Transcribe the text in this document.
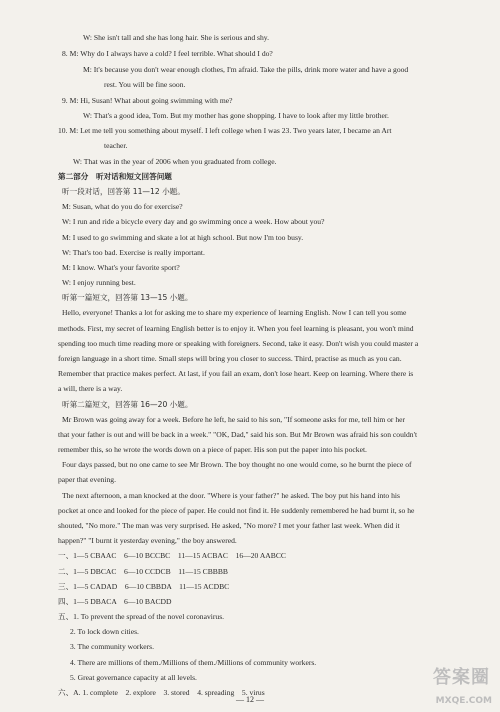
W: She isn't tall and she has long hair. She is serious and shy.
8. M: Why do I always have a cold? I feel terrible. What should I do?
M: It's because you don't wear enough clothes, I'm afraid. Take the pills, drink more water and have a good
rest. You will be fine soon.
9. M: Hi, Susan! What about going swimming with me?
W: That's a good idea, Tom. But my mother has gone shopping. I have to look after my little brother.
10. M: Let me tell you something about myself. I left college when I was 23. Two years later, I became an Art
teacher.
W: That was in the year of 2006 when you graduated from college.
第二部分　听对话和短文回答问题
听一段对话，回答第 11—12 小题。
M: Susan, what do you do for exercise?
W: I run and ride a bicycle every day and go swimming once a week. How about you?
M: I used to go swimming and skate a lot at high school. But now I'm too busy.
W: That's too bad. Exercise is really important.
M: I know. What's your favorite sport?
W: I enjoy running best.
听第一篇短文，回答第 13—15 小题。
Hello, everyone! Thanks a lot for asking me to share my experience of learning English. Now I can tell you some
methods. First, my secret of learning English better is to enjoy it. When you feel learning is pleasant, you won't mind
spending too much time reading more or speaking with foreigners. Second, take it easy. Don't wish you could master a
foreign language in a short time. Small steps will bring you closer to success. Third, practise as much as you can.
Remember that practice makes perfect. At last, if you fail an exam, don't lose heart. Keep on learning. Where there is
a will, there is a way.
听第二篇短文，回答第 16—20 小题。
Mr Brown was going away for a week. Before he left, he said to his son, "If someone asks for me, tell him or her
that your father is out and will be back in a week." "OK, Dad," said his son. But Mr Brown was afraid his son couldn't
remember this, so he wrote the words down on a piece of paper. His son put the paper into his pocket.
Four days passed, but no one came to see Mr Brown. The boy thought no one would come, so he burnt the piece of
paper that evening.
The next afternoon, a man knocked at the door. "Where is your father?" he asked. The boy put his hand into his
pocket at once and looked for the piece of paper. He could not find it. He suddenly remembered he had burnt it, so he
shouted, "No more." The man was very surprised. He asked, "No more? I met your father last week. When did it
happen?" "I burnt it yesterday evening," the boy answered.
一、1—5 CBAAC　6—10 BCCBC　11—15 ACBAC　16—20 AABCC
二、1—5 DBCAC　6—10 CCDCB　11—15 CBBBB
三、1—5 CADAD　6—10 CBBDA　11—15 ACDBC
四、1—5 DBACA　6—10 BACDD
五、1. To prevent the spread of the novel coronavirus.
2. To lock down cities.
3. The community workers.
4. There are millions of them./Millions of them./Millions of community workers.
5. Great governance capacity at all levels.
六、A. 1. complete　2. explore　3. stored　4. spreading　5. virus
— 12 —
答案圈
MXQE.COM
